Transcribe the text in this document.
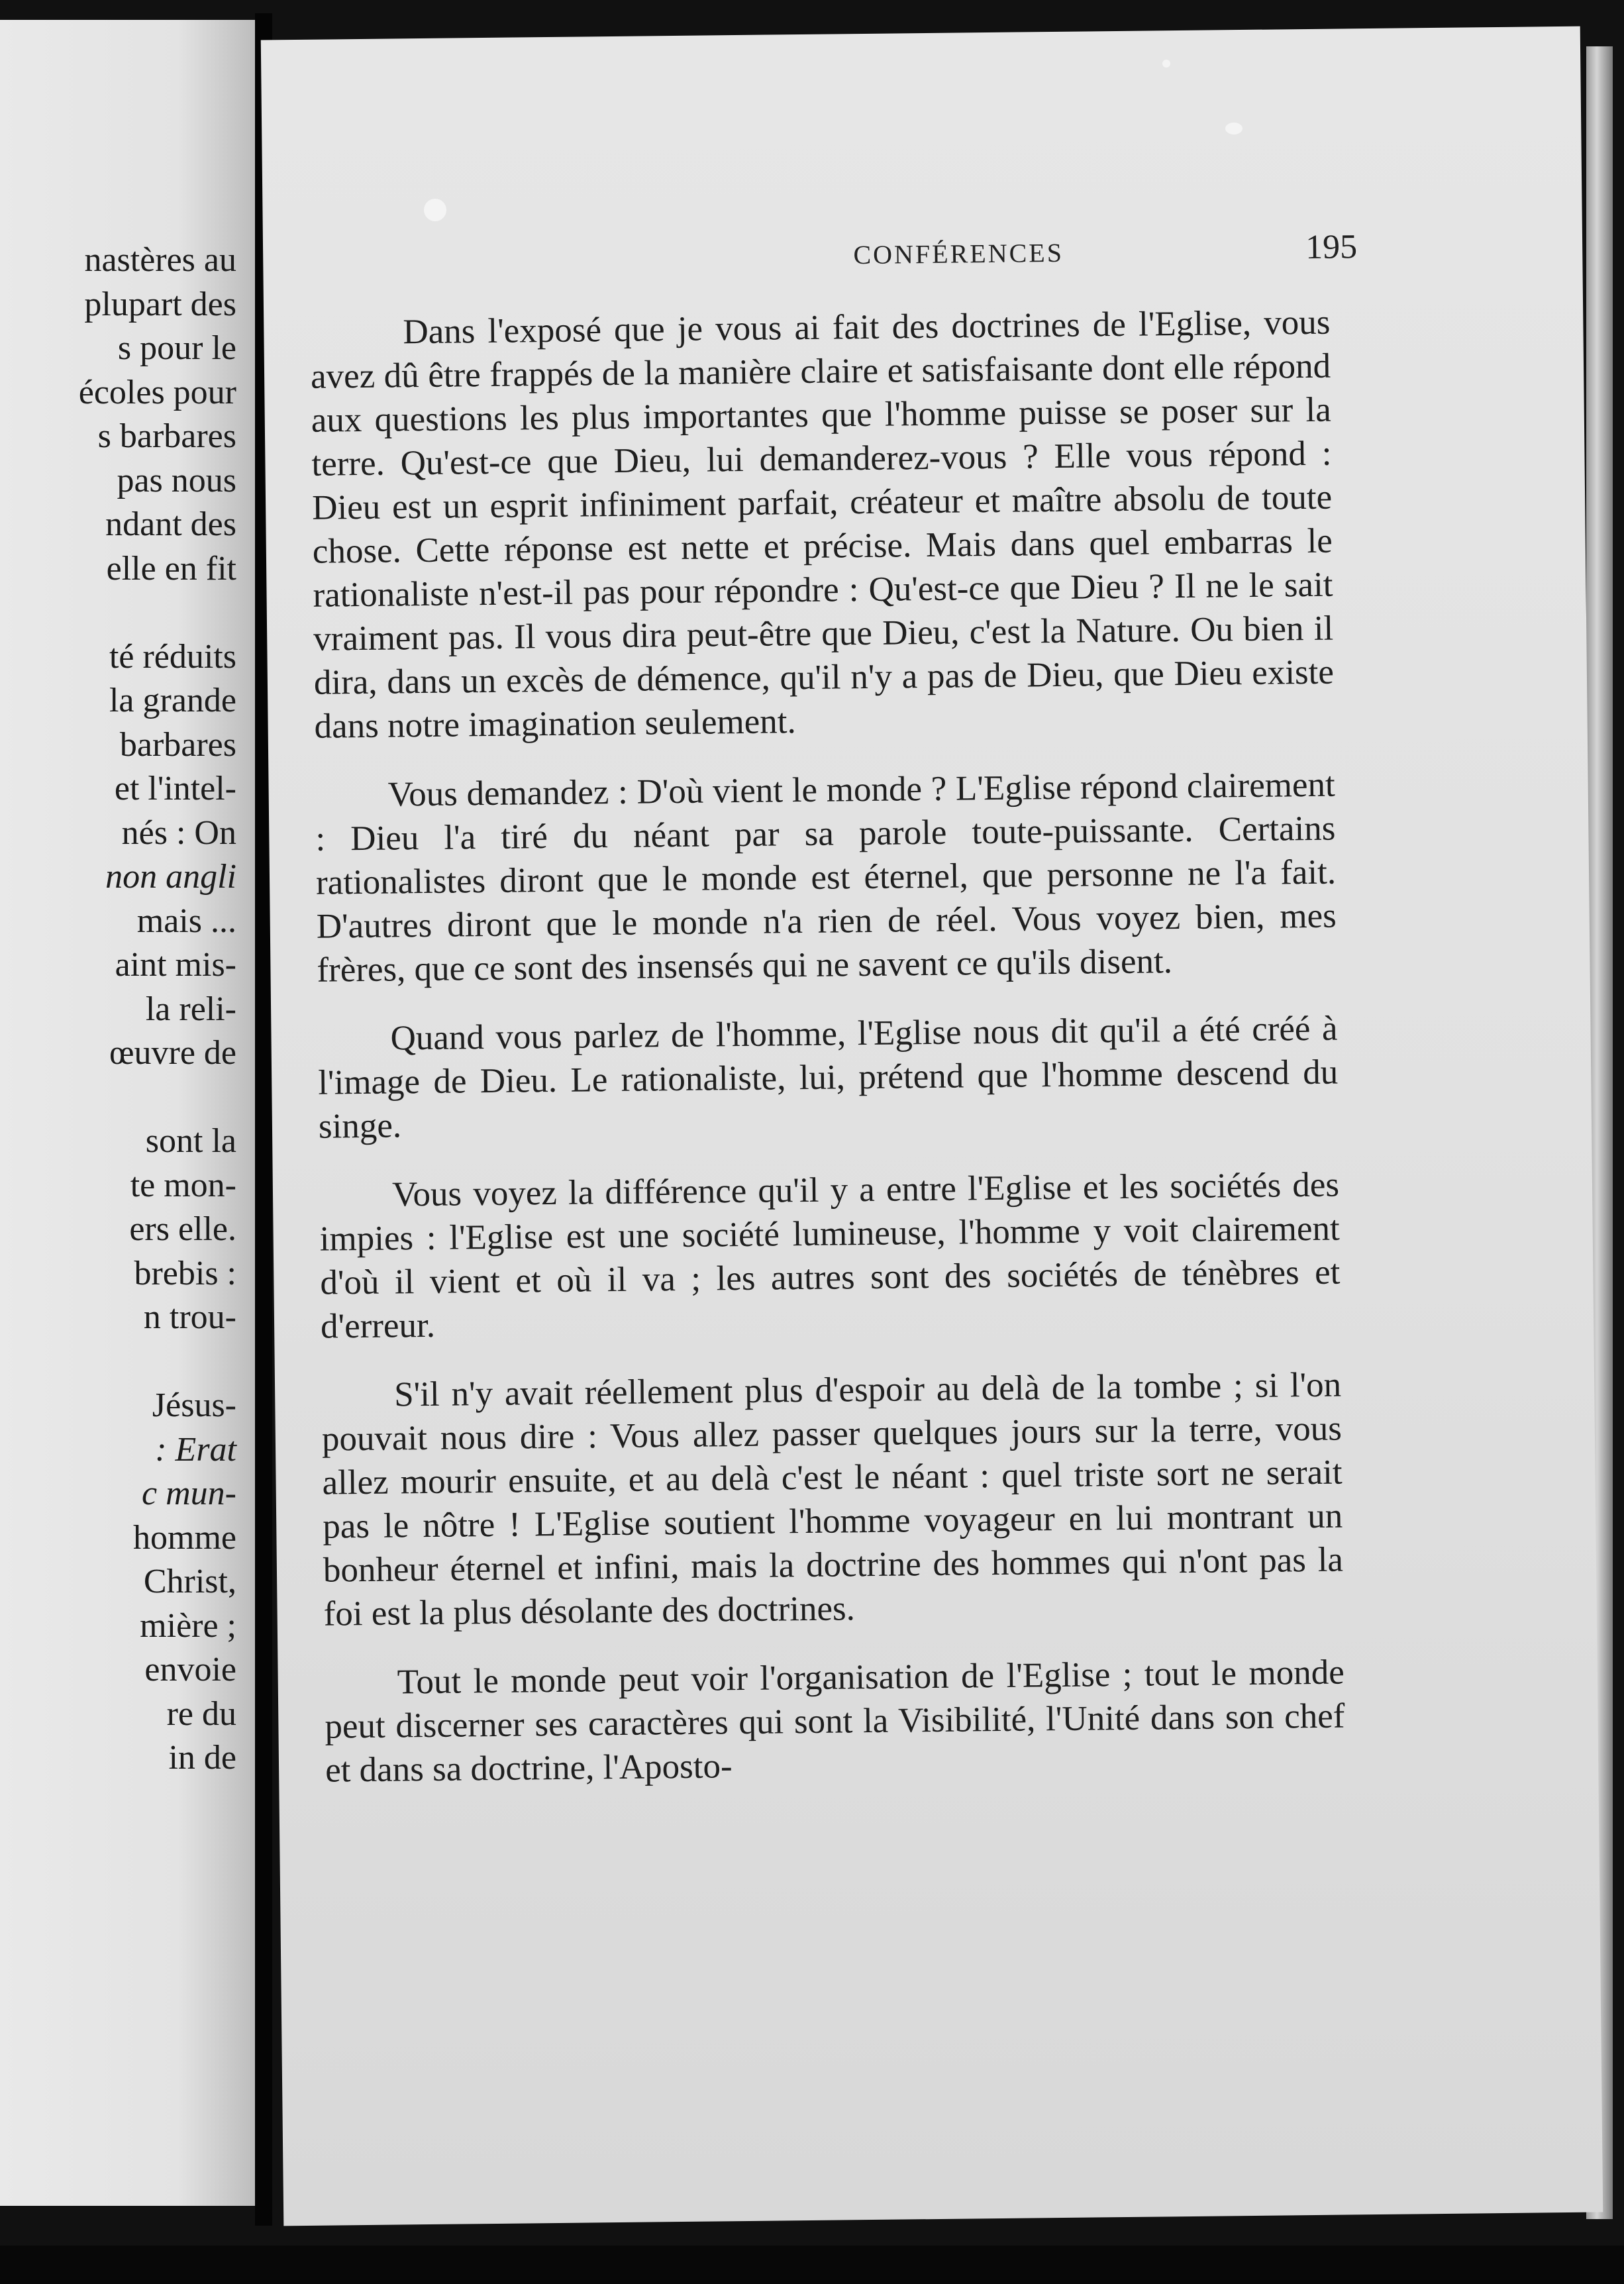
nastères au
plupart des
s pour le
écoles pour
s barbares
pas nous
ndant des
elle en fit
té réduits
la grande
barbares
et l'intel-
nés : On
non angli
mais ...
aint mis-
la reli-
œuvre de
sont la
te mon-
ers elle.
brebis :
n trou-
Jésus-
: Erat
c mun-
homme
Christ,
mière ;
envoie
re du
in de
CONFÉRENCES	195

Dans l'exposé que je vous ai fait des doctrines de l'Eglise, vous avez dû être frappés de la manière claire et satisfaisante dont elle répond aux questions les plus importantes que l'homme puisse se poser sur la terre. Qu'est-ce que Dieu, lui demanderez-vous ? Elle vous répond : Dieu est un esprit infiniment parfait, créateur et maître absolu de toute chose. Cette réponse est nette et précise. Mais dans quel embarras le rationaliste n'est-il pas pour répondre : Qu'est-ce que Dieu ? Il ne le sait vraiment pas. Il vous dira peut-être que Dieu, c'est la Nature. Ou bien il dira, dans un excès de démence, qu'il n'y a pas de Dieu, que Dieu existe dans notre imagination seulement.

Vous demandez : D'où vient le monde ? L'Eglise répond clairement : Dieu l'a tiré du néant par sa parole toute-puissante. Certains rationalistes diront que le monde est éternel, que personne ne l'a fait. D'autres diront que le monde n'a rien de réel. Vous voyez bien, mes frères, que ce sont des insensés qui ne savent ce qu'ils disent.

Quand vous parlez de l'homme, l'Eglise nous dit qu'il a été créé à l'image de Dieu. Le rationaliste, lui, prétend que l'homme descend du singe.

Vous voyez la différence qu'il y a entre l'Eglise et les sociétés des impies : l'Eglise est une société lumineuse, l'homme y voit clairement d'où il vient et où il va ; les autres sont des sociétés de ténèbres et d'erreur.

S'il n'y avait réellement plus d'espoir au delà de la tombe ; si l'on pouvait nous dire : Vous allez passer quelques jours sur la terre, vous allez mourir ensuite, et au delà c'est le néant : quel triste sort ne serait pas le nôtre ! L'Eglise soutient l'homme voyageur en lui montrant un bonheur éternel et infini, mais la doctrine des hommes qui n'ont pas la foi est la plus désolante des doctrines.

Tout le monde peut voir l'organisation de l'Eglise ; tout le monde peut discerner ses caractères qui sont la Visibilité, l'Unité dans son chef et dans sa doctrine, l'Aposto-
